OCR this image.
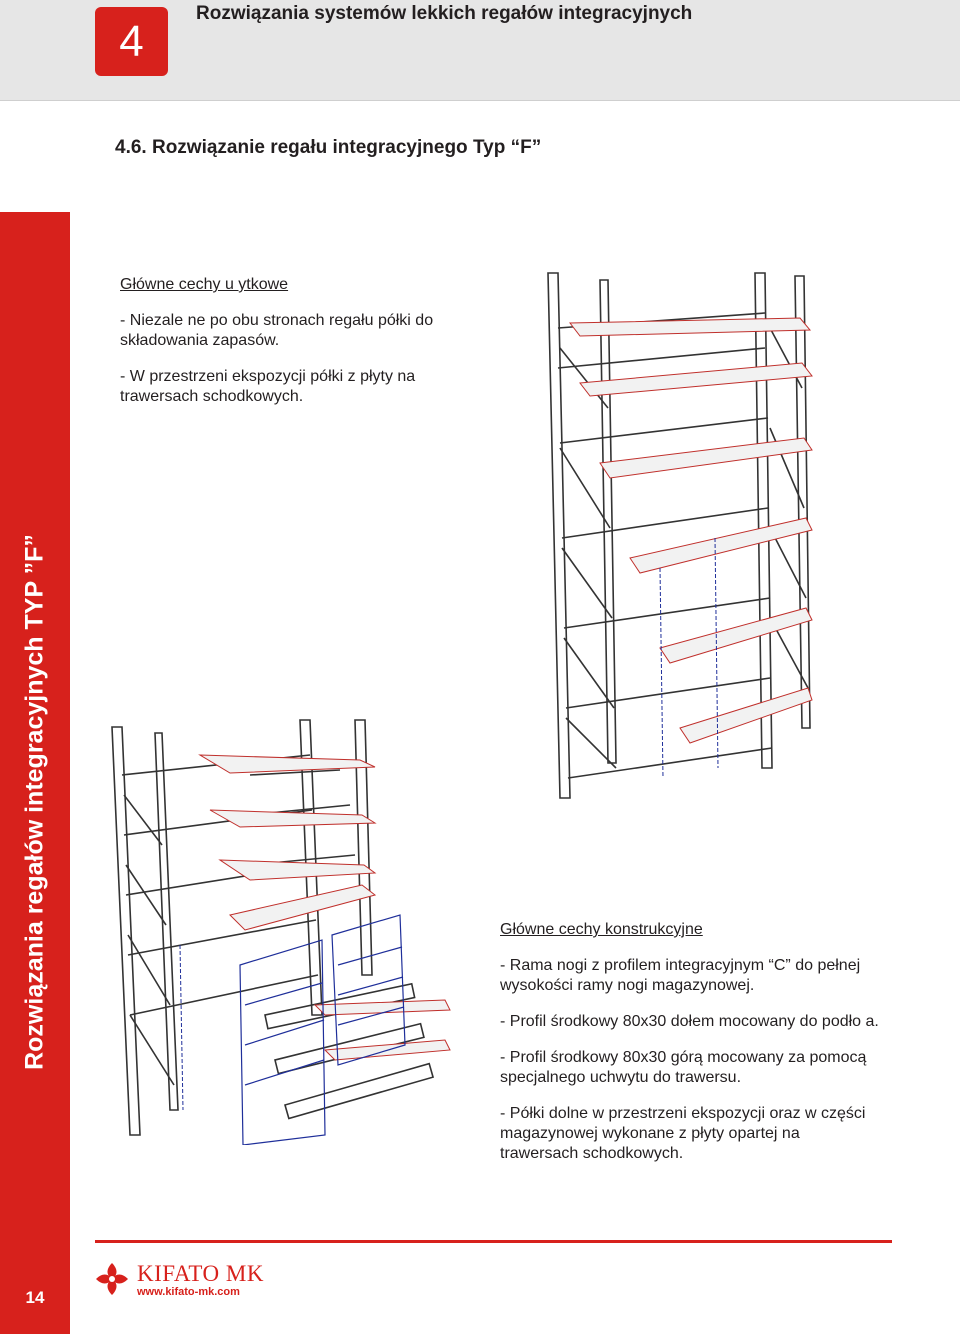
4
Rozwiązania systemów lekkich regałów integracyjnych
4.6. Rozwiązanie regału integracyjnego Typ “F”
Rozwiązania regałów integracyjnych TYP ”F”
14

Główne cechy u ytkowe

- Niezale ne po obu stronach regału półki do składowania zapasów.

- W przestrzeni ekspozycji półki z płyty na trawersach schodkowych.

Główne cechy konstrukcyjne

- Rama nogi z profilem integracyjnym “C” do pełnej wysokości ramy nogi magazynowej.

- Profil środkowy 80x30 dołem mocowany do podło a.

- Profil środkowy 80x30 górą mocowany za pomocą specjalnego uchwytu do trawersu.

- Półki dolne w przestrzeni ekspozycji oraz w części magazynowej wykonane z płyty opartej na trawersach schodkowych.

KIFATO MK
www.kifato-mk.com
